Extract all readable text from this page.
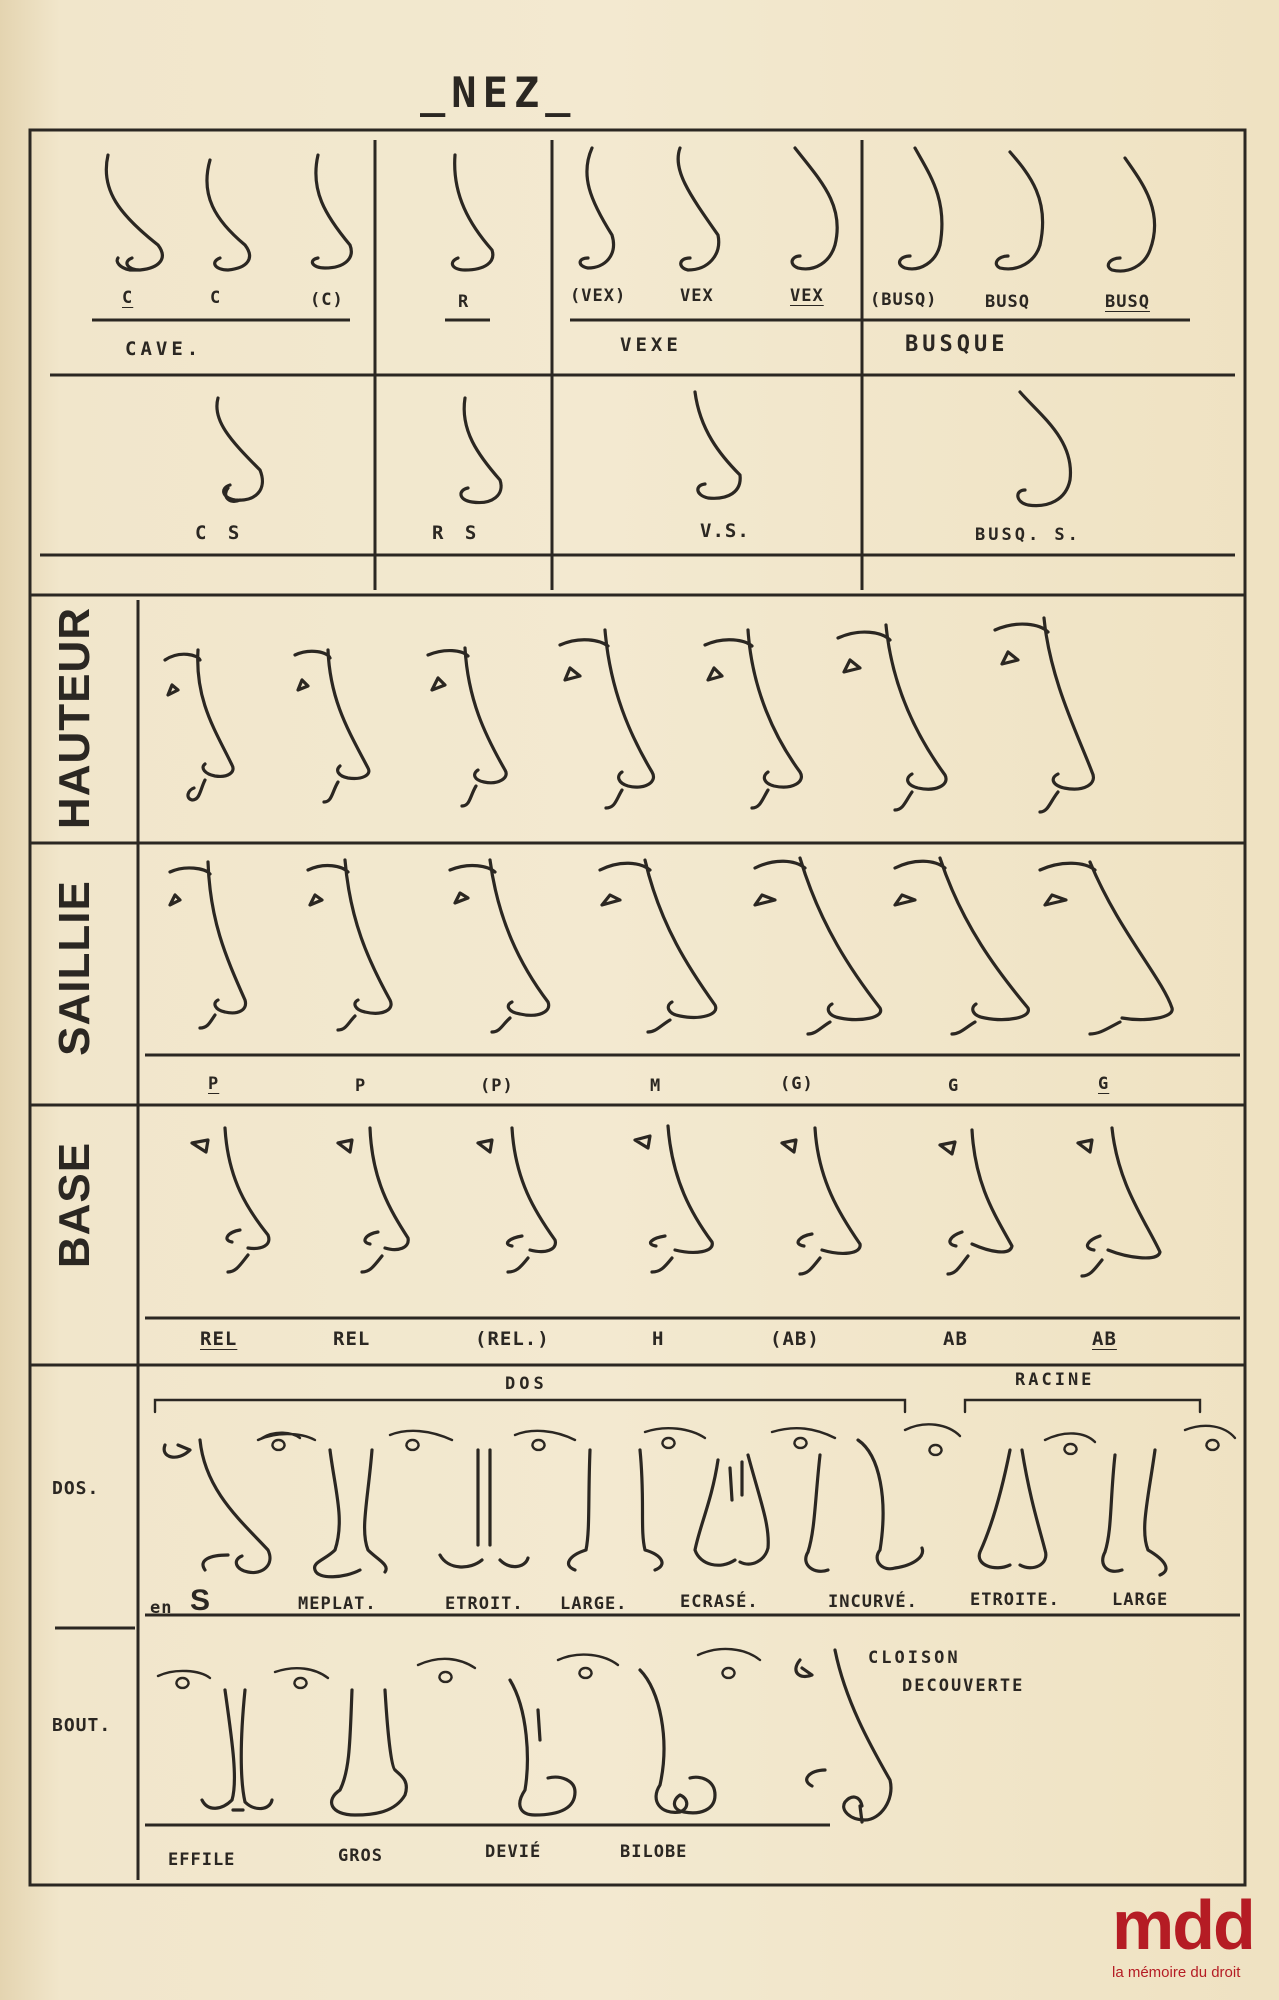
_NEZ_
C	C	(C)	R	(VEX)	VEX	VEX	(BUSQ)	BUSQ	BUSQ
CAVE.	VEXE	BUSQUE
C S	R S	V.S.	BUSQ. S.
HAUTEUR
SAILLIE
BASE
DOS.
BOUT.
P	P	(P)	M	(G)	G	G
REL	REL	(REL.)	H	(AB)	AB	AB
DOS	RACINE
en S	MEPLAT.	ETROIT. LARGE.	ECRASÉ.	INCURVÉ.	ETROITE.	LARGE
EFFILE	GROS	DEVIÉ	BILOBE
CLOISON
DECOUVERTE
mdd
la mémoire du droit
